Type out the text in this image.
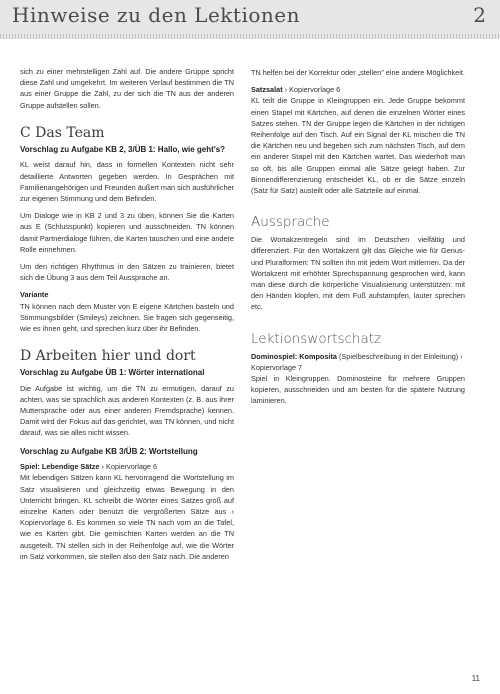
Hinweise zu den Lektionen	2

sich zu einer mehrstelligen Zahl auf. Die andere Gruppe spricht diese Zahl und umgekehrt. Im weiteren Verlauf bestimmen die TN aus einer Gruppe die Zahl, zu der sich die TN aus der anderen Gruppe aufstellen sollen.

C Das Team
Vorschlag zu Aufgabe KB 2, 3/ÜB 1: Hallo, wie geht's?

KL weist darauf hin, dass in formellen Kontexten nicht sehr detaillierte Antworten gegeben werden. In Gesprächen mit Familienangehörigen und Freunden äußert man sich ausführlicher zur eigenen Stimmung und dem Befinden.

Um Dialoge wie in KB 2 und 3 zu üben, können Sie die Karten aus E (Schlusspunkt) kopieren und ausschneiden. TN können damit Partnerdialoge führen, die Karten tauschen und eine andere Rolle einnehmen.

Um den richtigen Rhythmus in den Sätzen zu trainieren, bietet sich die Übung 3 aus dem Teil Aussprache an.

Variante

TN können nach dem Muster von E eigene Kärtchen basteln und Stimmungsbilder (Smileys) zeichnen. Sie fragen sich gegenseitig, wie es ihnen geht, und sprechen kurz über ihr Befinden.

D Arbeiten hier und dort
Vorschlag zu Aufgabe ÜB 1: Wörter international

Die Aufgabe ist wichtig, um die TN zu ermutigen, darauf zu achten, was sie sprachlich aus anderen Kontexten (z. B. aus ihrer Muttersprache oder aus einer anderen Fremdsprache) kennen. Damit wird der Fokus auf das gerichtet, was TN können, und nicht darauf, was sie alles nicht wissen.

Vorschlag zu Aufgabe KB 3/ÜB 2: Wortstellung
Spiel: Lebendige Sätze › Kopiervorlage 6

Mit lebendigen Sätzen kann KL hervorragend die Wortstellung im Satz visualisieren und gleichzeitig etwas Bewegung in den Unterricht bringen. KL schreibt die Wörter eines Satzes groß auf einzelne Karten oder benutzt die vergrößerten Sätze aus › Kopiervorlage 6. Es kommen so viele TN nach vorn an die Tafel, wie es Karten gibt. Die gemischten Karten werden an die TN ausgeteilt. TN stellen sich in der Reihenfolge auf, wie die Wörter im Satz vorkommen, sie stellen also den Satz nach. Die anderen

TN helfen bei der Korrektur oder „stellen" eine andere Möglichkeit.

Satzsalat › Kopiervorlage 6

KL teilt die Gruppe in Kleingruppen ein. Jede Gruppe bekommt einen Stapel mit Kärtchen, auf denen die einzelnen Wörter eines Satzes stehen. TN der Gruppe legen die Kärtchen in der richtigen Reihenfolge auf den Tisch. Auf ein Signal der KL mischen die TN die Kärtchen neu und begeben sich zum nächsten Tisch, auf dem ein anderer Stapel mit den Kärtchen wartet. Das wiederholt man so oft, bis alle Gruppen einmal alle Sätze gelegt haben. Zur Binnendifferenzierung entscheidet KL, ob er die Sätze einzeln (Satz für Satz) austeilt oder alle Satzteile auf einmal.

Aussprache

Die Wortakzentregeln sind im Deutschen vielfältig und differenziert. Für den Wortakzent gilt das Gleiche wie für Genus- und Pluralformen: TN sollten ihn mit jedem Wort mitlernen. Da der Wortakzent mit erhöhter Sprechspannung gesprochen wird, kann man diese durch die körperliche Visualisierung unterstützen: mit den Händen klopfen, mit dem Fuß aufstampfen, lauter sprechen etc.

Lektionswortschatz
Dominospiel: Komposita (Spielbeschreibung in der Einleitung) › Kopiervorlage 7

Spiel in Kleingruppen. Dominosteine für mehrere Gruppen kopieren, ausschneiden und am besten für die spätere Nutzung laminieren.

11
